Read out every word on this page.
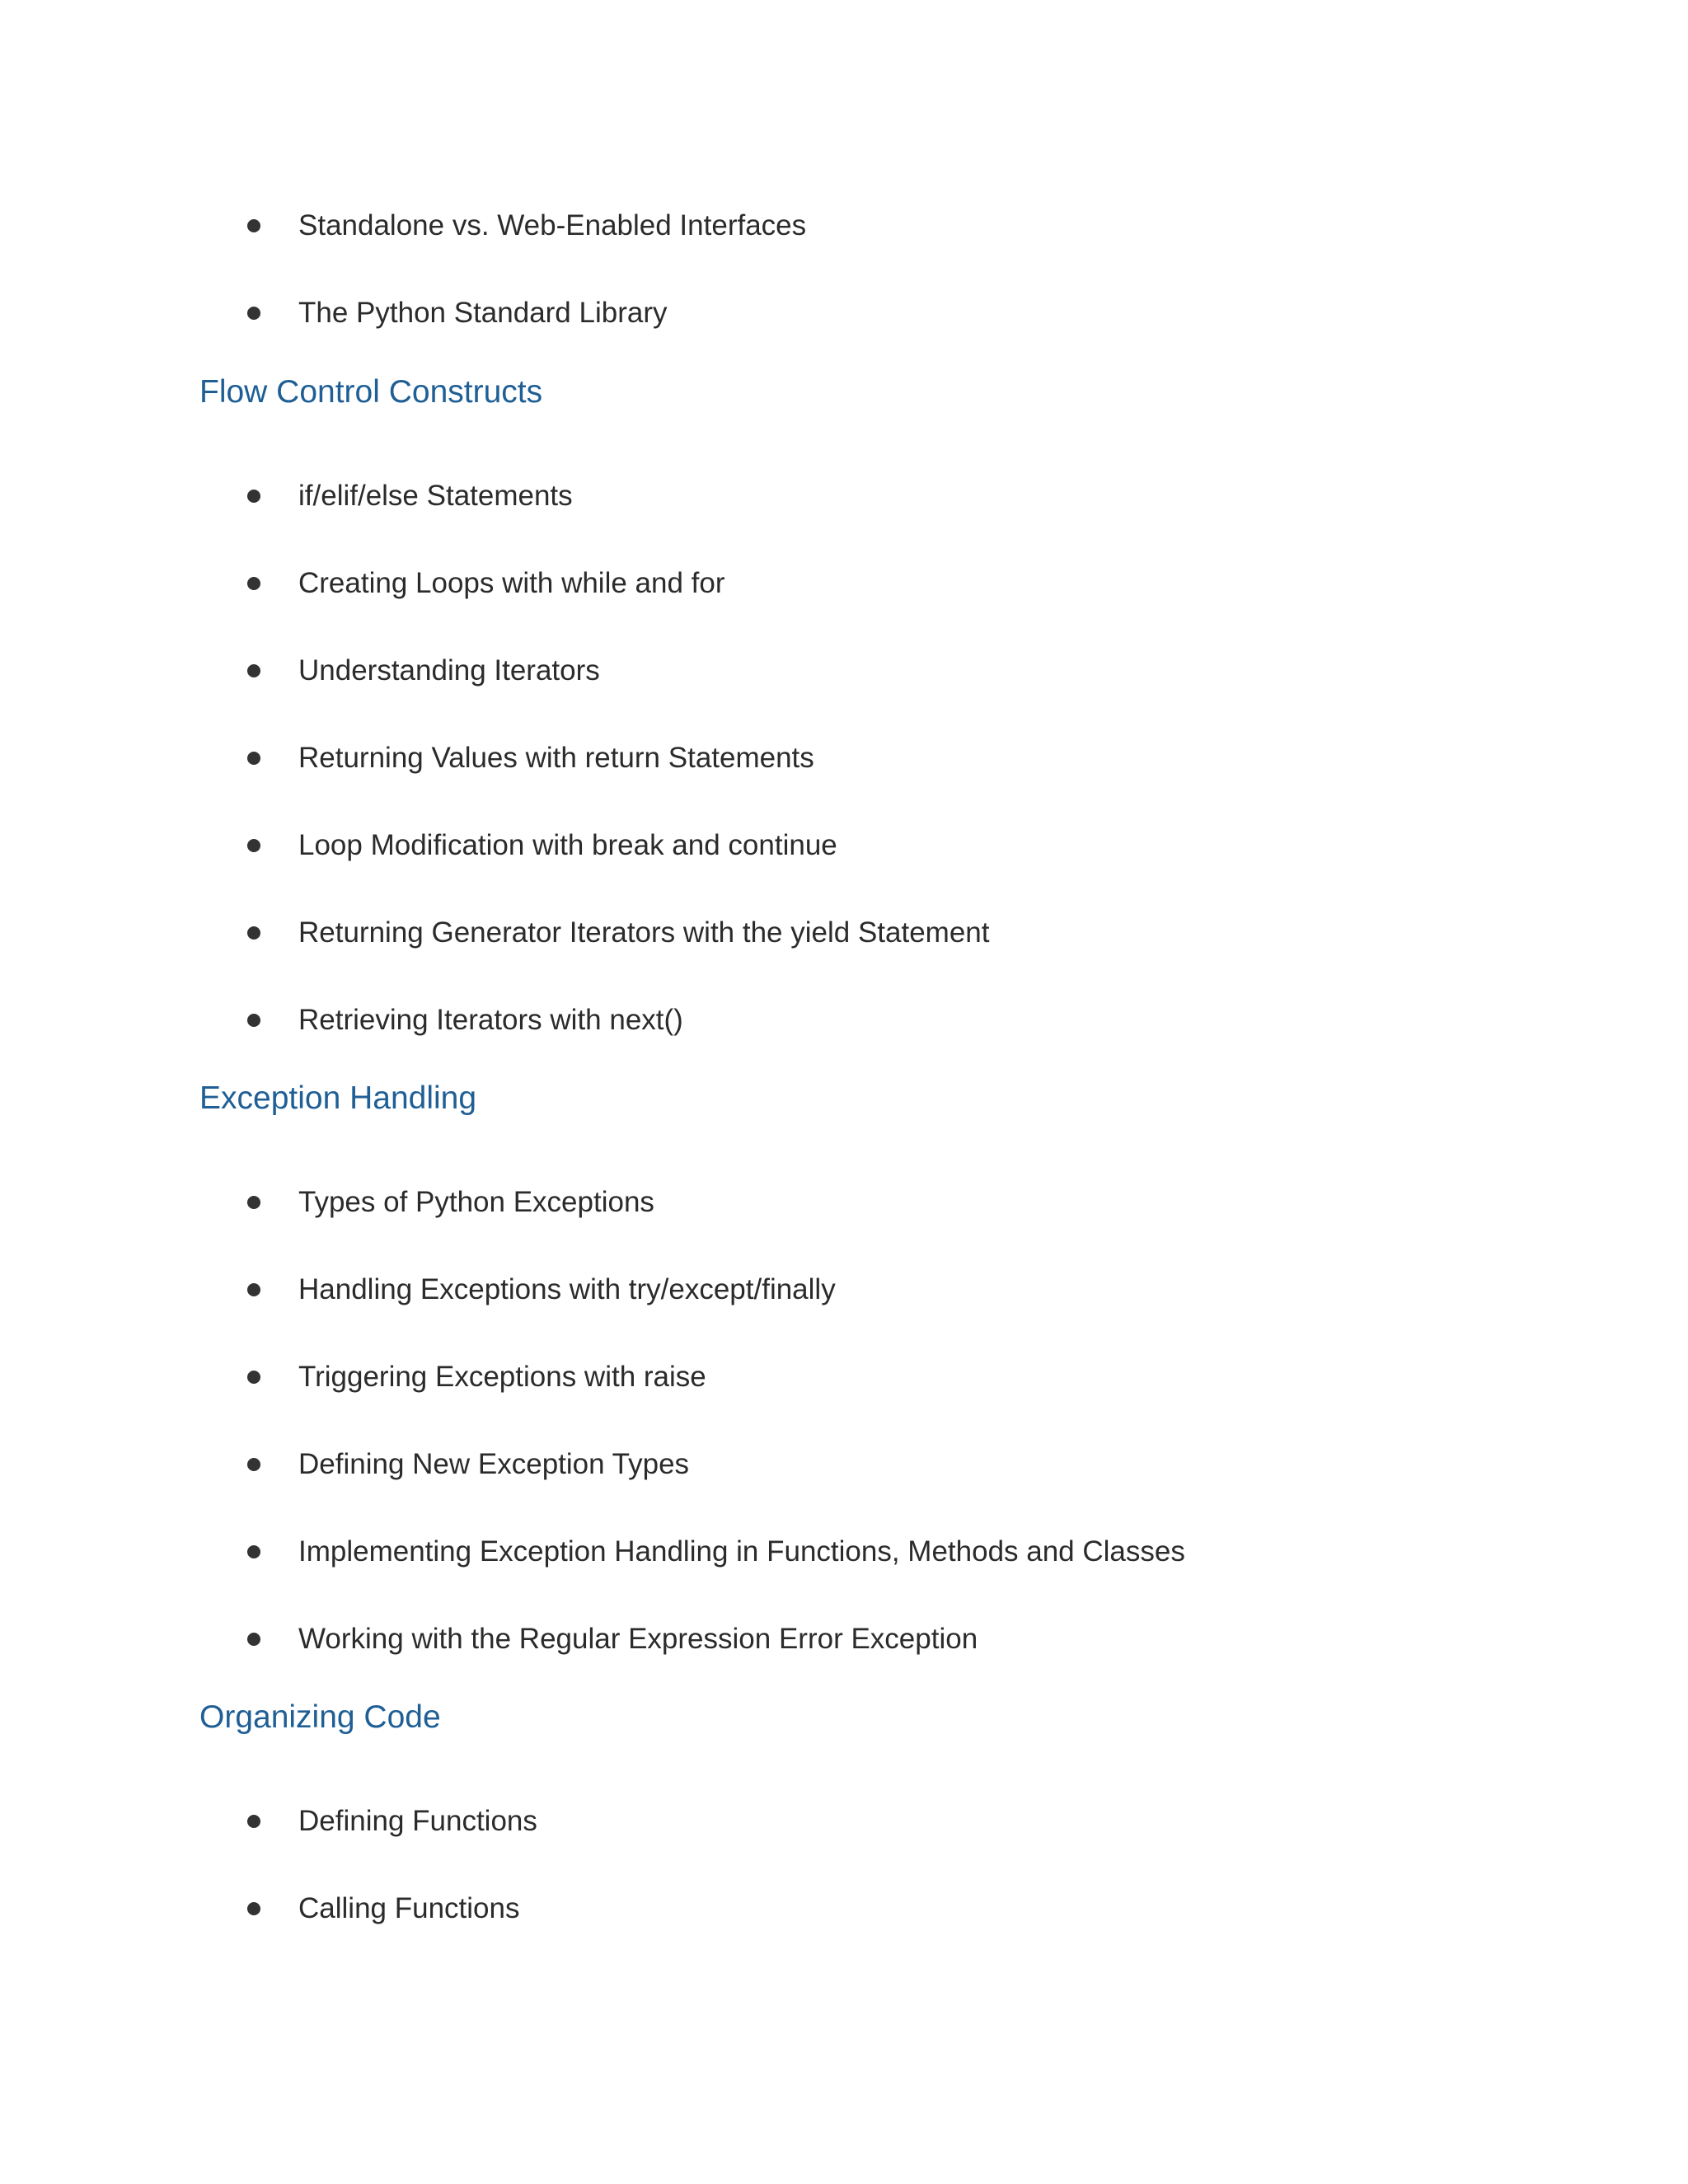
Standalone vs. Web-Enabled Interfaces
The Python Standard Library
Flow Control Constructs
if/elif/else Statements
Creating Loops with while and for
Understanding Iterators
Returning Values with return Statements
Loop Modification with break and continue
Returning Generator Iterators with the yield Statement
Retrieving Iterators with next()
Exception Handling
Types of Python Exceptions
Handling Exceptions with try/except/finally
Triggering Exceptions with raise
Defining New Exception Types
Implementing Exception Handling in Functions, Methods and Classes
Working with the Regular Expression Error Exception
Organizing Code
Defining Functions
Calling Functions
